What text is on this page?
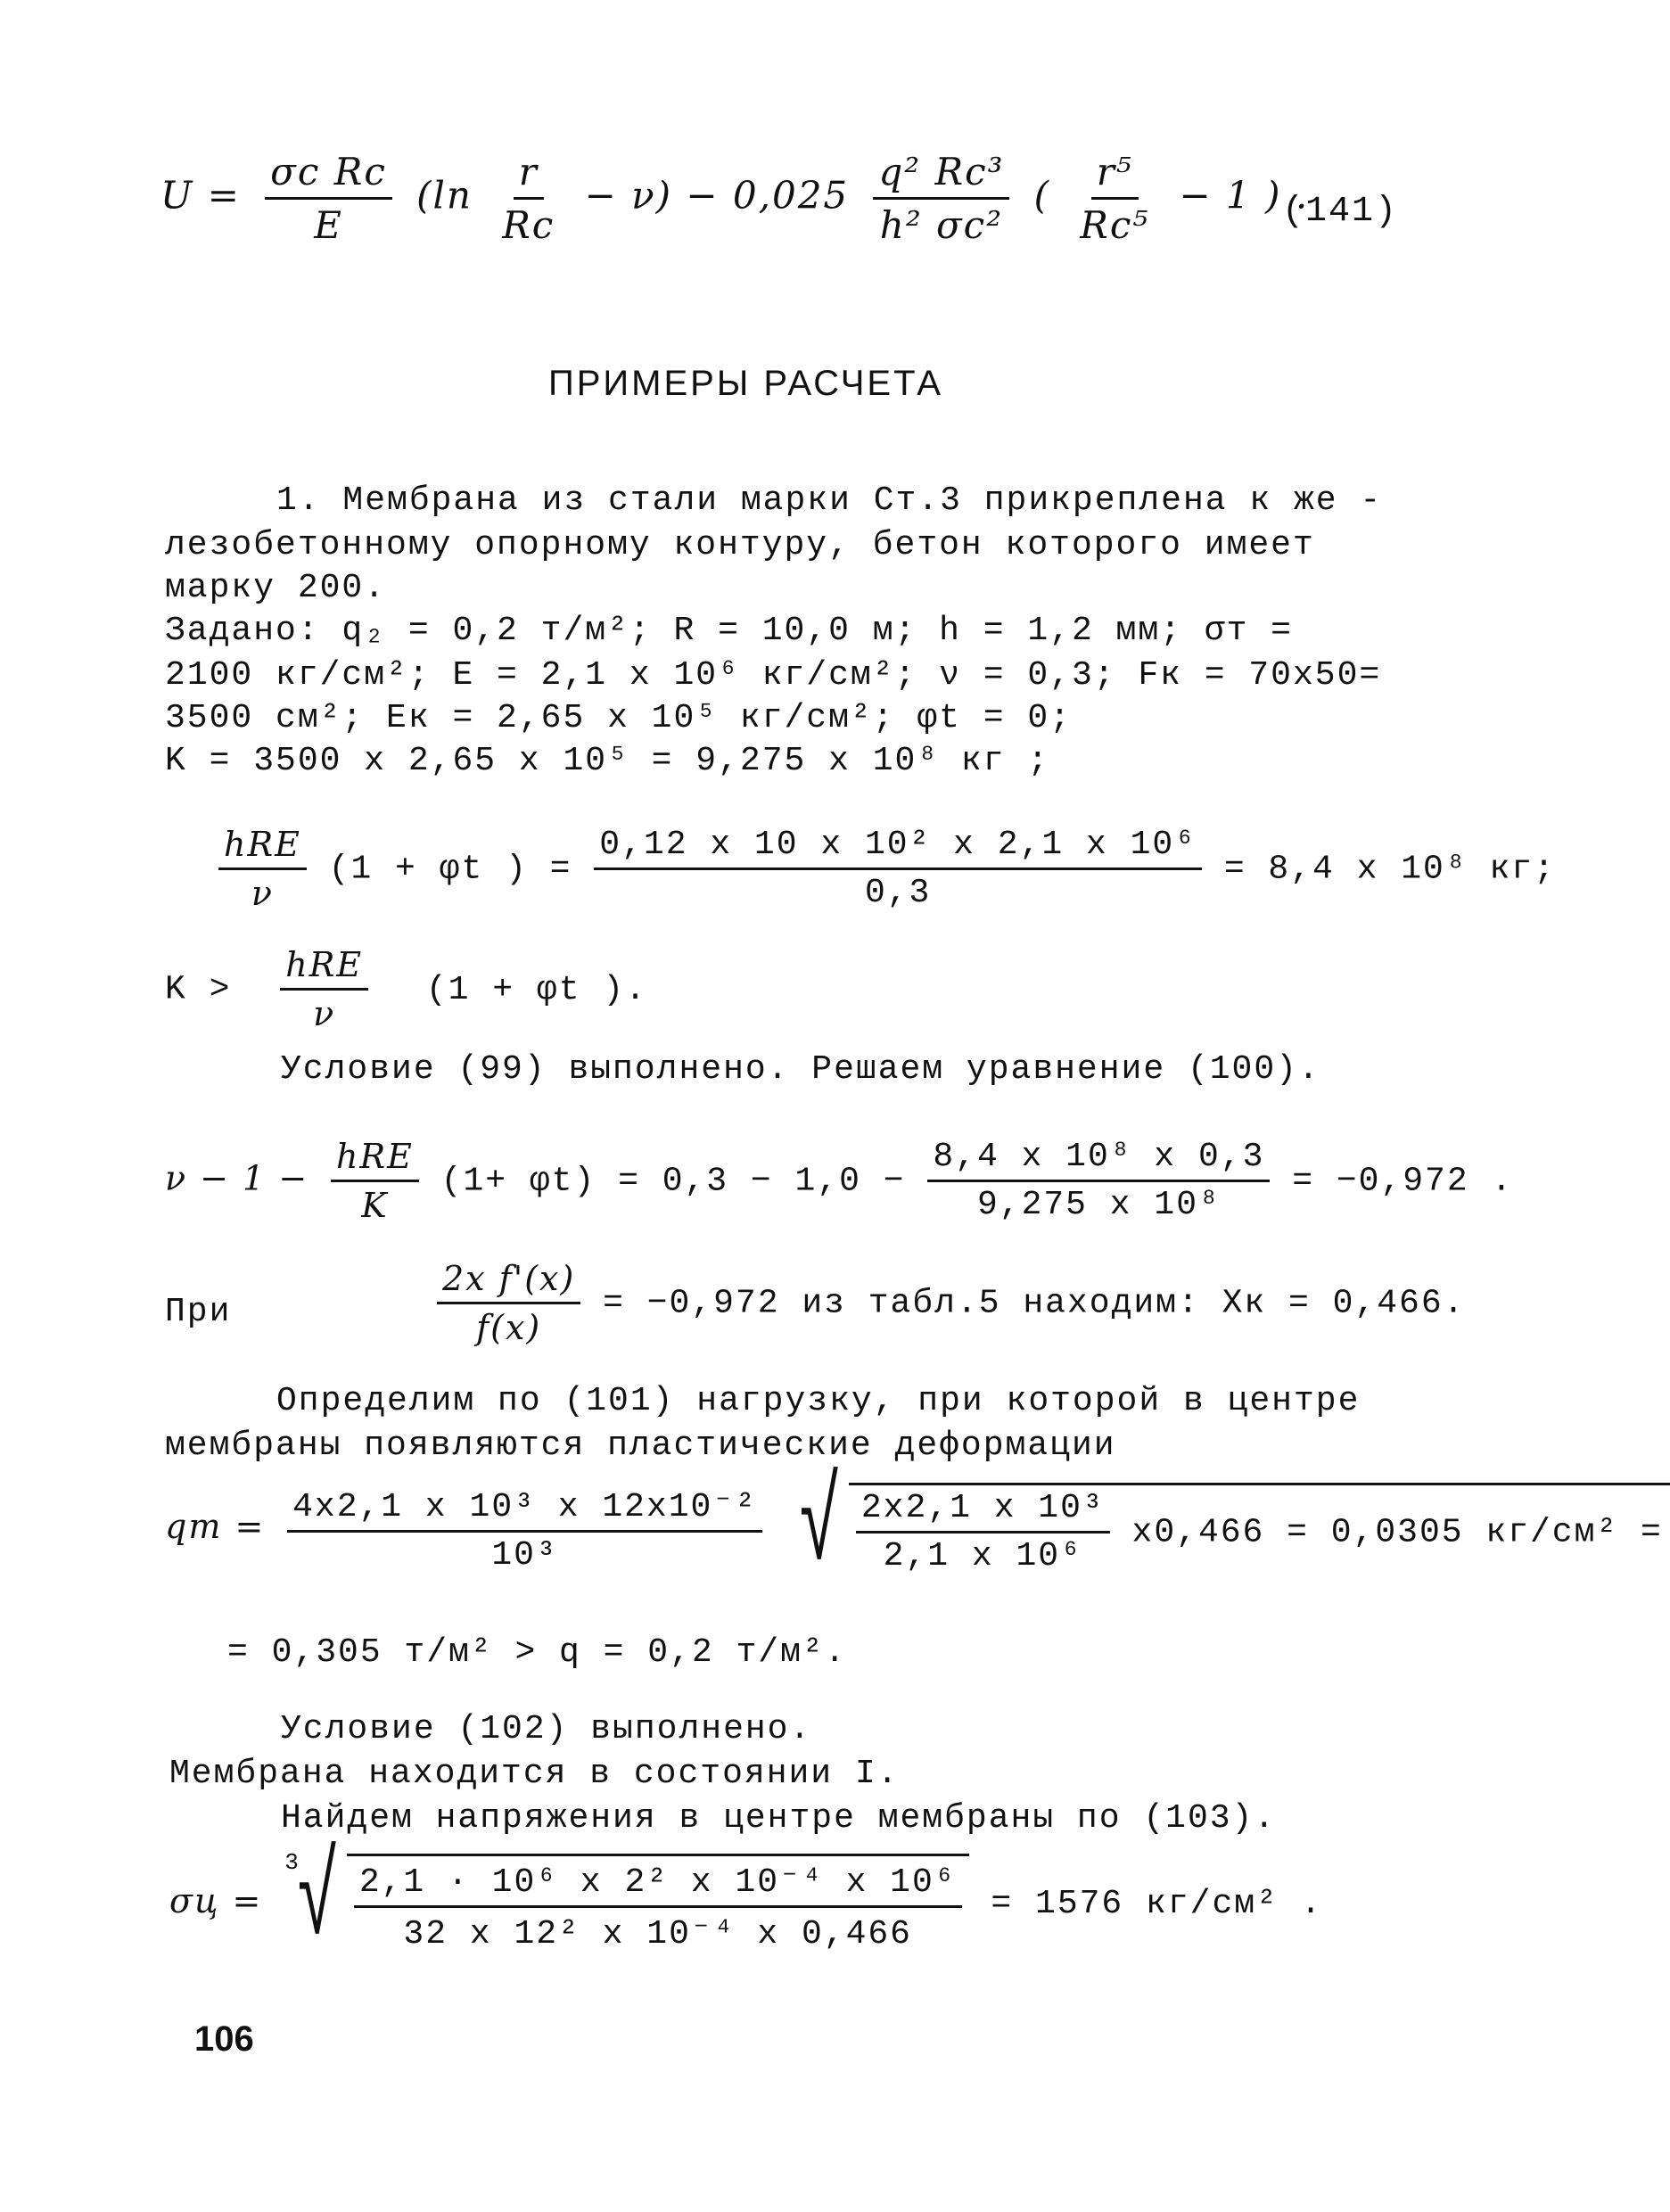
$U = \frac{\text{σc Rc}}{E} (\ln \frac{r}{Rc} - \nu) - 0,025 \frac{\text{q² Rc³}}{\text{h² σc²}}$ ( $\frac{\text{r⁵}}{\text{Rc⁵}} - 1$ ) .
(141)
ПРИМЕРЫ РАСЧЕТА
1. Мембрана из стали марки Ст.3 прикреплена к же -
лезобетонному опорному контуру, бетон которого имеет
марку 200.
Задано: q₂ = 0,2 т/м²; R = 10,0 м; h = 1,2 мм; σт =
2100 кг/см²; E = 2,1 x 10⁶ кг/см²; ν = 0,3; Fк = 70x50=
3500 см²; Eк = 2,65 x 10⁵ кг/см²; φt = 0;
K = 3500 x 2,65 x 10⁵ = 9,275 x 10⁸ кг ;
$\frac{\text{hRE}}{\nu} (1 + \varphi t$ ) = $\frac{\text{0,12 x 10 x 10² x 2,1 x 10⁶}}{0,3} = 8,4$ x 10⁸ кг;
$K > \frac{\text{hRE}}{\nu} (1 + \varphi t$ ).
Условие (99) выполнено. Решаем уравнение (100).
$\nu - 1 - \frac{\text{hRE}}{K} (1+ \varphi t) = 0,3 - 1,0 - \frac{\text{8,4 x 10⁸ x 0,3}}{\text{9,275 x 10⁸}} = -0,972$ .
При	$\frac{\text{2x f'(x)}}{f(x)} = -0,972$ из табл.5 находим: Xк = 0,466.
Определим по (101) нагрузку, при которой в центре
мембраны появляются пластические деформации
qт = $\frac{\text{4x2,1 x 10³ x 12x10⁻²}}{\text{10³}}$
√ $\frac{\text{2x2,1 x 10³}}{\text{2,1 x 10⁶}} x0,466 = 0,0305$ кг/см² =
= 0,305 т/м² > q = 0,2 т/м².
Условие (102) выполнено.
Мембрана находится в состоянии I.
Найдем напряжения в центре мембраны по (103).
σц =
3
√ $\frac{\text{2,1 · 10⁶ x 2² x 10⁻⁴ x 10⁶}}{\text{32 x 12² x 10⁻⁴ x 0,466}} = 1576$ кг/см² .
106
